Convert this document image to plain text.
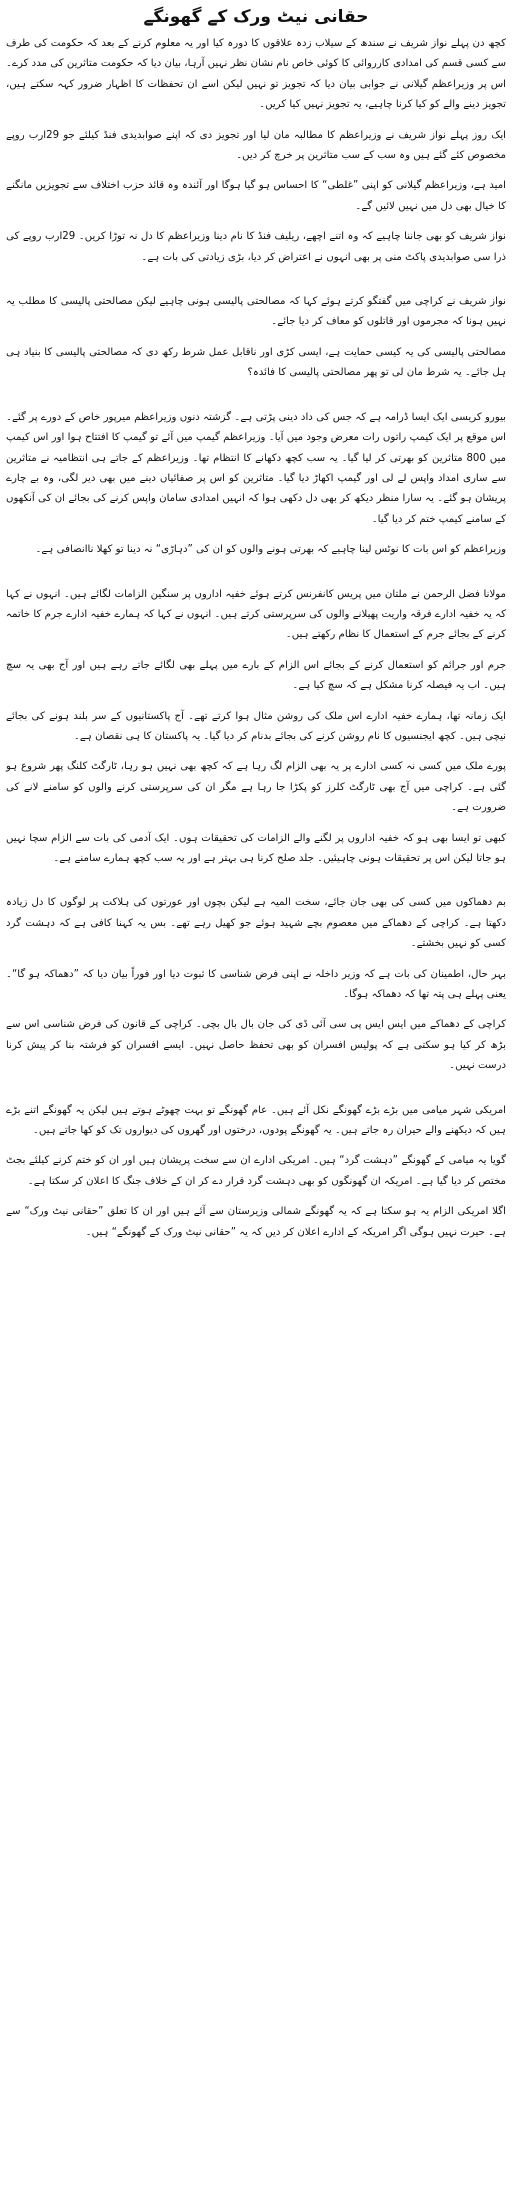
حقانی نیٹ ورک کے گھونگے

کچھ دن پہلے نواز شریف نے سندھ کے سیلاب زدہ علاقوں کا دورہ کیا اور یہ معلوم کرنے کے بعد کہ حکومت کی طرف سے کسی قسم کی امدادی کارروائی کا کوئی خاص نام نشان نظر نہیں آرہا، بیان دیا کہ حکومت متاثرین کی مدد کرے۔ اس پر وزیراعظم گیلانی نے جوابی بیان دیا کہ تجویز تو نہیں لیکن اسے ان تحفظات کا اظہار ضرور کہہ سکتے ہیں، تجویز دینے والے کو کیا کرنا چاہیے، یہ تجویز نہیں کیا کریں۔

ایک روز پہلے نواز شریف نے وزیراعظم کا مطالبہ مان لیا اور تجویز دی کہ اپنے صوابدیدی فنڈ کیلئے جو 29ارب روپے مخصوص کئے گئے ہیں وہ سب کے سب متاثرین پر خرچ کر دیں۔

امید ہے، وزیراعظم گیلانی کو اپنی ”غلطی“ کا احساس ہو گیا ہوگا اور آئندہ وہ قائد حزب اختلاف سے تجویزیں مانگنے کا خیال بھی دل میں نہیں لائیں گے۔

نواز شریف کو بھی جاننا چاہیے کہ وہ اتنے اچھے، ریلیف فنڈ کا نام دینا وزیراعظم کا دل نہ توڑا کریں۔ 29ارب روپے کی ذرا سی صوابدیدی پاکٹ منی پر بھی انہوں نے اعتراض کر دیا، بڑی زیادتی کی بات ہے۔

نواز شریف نے کراچی میں گفتگو کرتے ہوئے کہا کہ مصالحتی پالیسی ہونی چاہیے لیکن مصالحتی پالیسی کا مطلب یہ نہیں ہونا کہ مجرموں اور قاتلوں کو معاف کر دیا جائے۔

مصالحتی پالیسی کی یہ کیسی حمایت ہے، ایسی کڑی اور ناقابل عمل شرط رکھ دی کہ مصالحتی پالیسی کا بنیاد ہی ہل جائے۔ یہ شرط مان لی تو پھر مصالحتی پالیسی کا فائدہ؟

بیورو کریسی ایک ایسا ڈرامہ ہے کہ جس کی داد دینی پڑتی ہے۔ گزشتہ دنوں وزیراعظم میرپور خاص کے دورے پر گئے۔ اس موقع پر ایک کیمپ راتوں رات معرض وجود میں آیا۔ وزیراعظم گیمپ میں آئے تو گیمپ کا افتتاح ہوا اور اس کیمپ میں 800 متاثرین کو بھرتی کر لیا گیا۔ یہ سب کچھ دکھانے کا انتظام تھا۔ وزیراعظم کے جاتے ہی انتظامیہ نے متاثرین سے ساری امداد واپس لے لی اور گیمپ اکھاڑ دیا گیا۔ متاثرین کو اس پر صفائیاں دینے میں بھی دیر لگی، وہ بے چارے پریشان ہو گئے۔ یہ سارا منظر دیکھ کر بھی دل دکھی ہوا کہ انہیں امدادی سامان واپس کرنے کی بجائے ان کی آنکھوں کے سامنے کیمپ ختم کر دیا گیا۔

وزیراعظم کو اس بات کا نوٹس لینا چاہیے کہ بھرتی ہونے والوں کو ان کی ”دہاڑی“ نہ دینا تو کھلا ناانصافی ہے۔

مولانا فضل الرحمن نے ملتان میں پریس کانفرنس کرتے ہوئے خفیہ اداروں پر سنگین الزامات لگائے ہیں۔ انہوں نے کہا کہ یہ خفیہ ادارے فرقہ واریت پھیلانے والوں کی سرپرستی کرتے ہیں۔ انہوں نے کہا کہ ہمارے خفیہ ادارے جرم کا خاتمہ کرنے کے بجائے جرم کے استعمال کا نظام رکھتے ہیں۔

جرم اور جرائم کو استعمال کرنے کے بجائے اس الزام کے بارے میں پہلے بھی لگائے جاتے رہے ہیں اور آج بھی یہ سچ ہیں۔ اب یہ فیصلہ کرنا مشکل ہے کہ سچ کیا ہے۔

ایک زمانہ تھا، ہمارے خفیہ ادارے اس ملک کی روشن مثال ہوا کرتے تھے۔ آج پاکستانیوں کے سر بلند ہونے کی بجائے نیچی ہیں۔ کچھ ایجنسیوں کا نام روشن کرنے کی بجائے بدنام کر دیا گیا۔ یہ پاکستان کا ہی نقصان ہے۔

پورے ملک میں کسی نہ کسی ادارے پر یہ بھی الزام لگ رہا ہے کہ کچھ بھی نہیں ہو رہا، ٹارگٹ کلنگ پھر شروع ہو گئی ہے۔ کراچی میں آج بھی ٹارگٹ کلرز کو پکڑا جا رہا ہے مگر ان کی سرپرستی کرنے والوں کو سامنے لانے کی ضرورت ہے۔

کبھی تو ایسا بھی ہو کہ خفیہ اداروں پر لگنے والے الزامات کی تحقیقات ہوں۔ ایک آدمی کی بات سے الزام سچا نہیں ہو جاتا لیکن اس پر تحقیقات ہونی چاہیئیں۔ جلد صلح کرنا ہی بہتر ہے اور یہ سب کچھ ہمارے سامنے ہے۔

بم دھماکوں میں کسی کی بھی جان جائے، سخت المیہ ہے لیکن بچوں اور عورتوں کی ہلاکت پر لوگوں کا دل زیادہ دکھتا ہے۔ کراچی کے دھماکے میں معصوم بچے شہید ہوئے جو کھیل رہے تھے۔ بس یہ کہنا کافی ہے کہ دہشت گرد کسی کو نہیں بخشتے۔

بہر حال، اطمینان کی بات ہے کہ وزیر داخلہ نے اپنی فرض شناسی کا ثبوت دیا اور فوراً بیان دیا کہ ”دھماکہ ہو گا“۔ یعنی پہلے ہی پتہ تھا کہ دھماکہ ہوگا۔

کراچی کے دھماکے میں ایس ایس پی سی آئی ڈی کی جان بال بال بچی۔ کراچی کے قانون کی فرض شناسی اس سے بڑھ کر کیا ہو سکتی ہے کہ پولیس افسران کو بھی تحفظ حاصل نہیں۔ ایسے افسران کو فرشتہ بنا کر پیش کرنا درست نہیں۔

امریکی شہر میامی میں بڑے بڑے گھونگے نکل آئے ہیں۔ عام گھونگے تو بہت چھوٹے ہوتے ہیں لیکن یہ گھونگے اتنے بڑے ہیں کہ دیکھنے والے حیران رہ جاتے ہیں۔ یہ گھونگے پودوں، درختوں اور گھروں کی دیواروں تک کو کھا جاتے ہیں۔

گویا یہ میامی کے گھونگے ”دہشت گرد“ ہیں۔ امریکی ادارے ان سے سخت پریشان ہیں اور ان کو ختم کرنے کیلئے بجٹ مختص کر دیا گیا ہے۔ امریکہ ان گھونگوں کو بھی دہشت گرد قرار دے کر ان کے خلاف جنگ کا اعلان کر سکتا ہے۔

اگلا امریکی الزام یہ ہو سکتا ہے کہ یہ گھونگے شمالی وزیرستان سے آئے ہیں اور ان کا تعلق ”حقانی نیٹ ورک“ سے ہے۔ حیرت نہیں ہوگی اگر امریکہ کے ادارے اعلان کر دیں کہ یہ ”حقانی نیٹ ورک کے گھونگے“ ہیں۔
